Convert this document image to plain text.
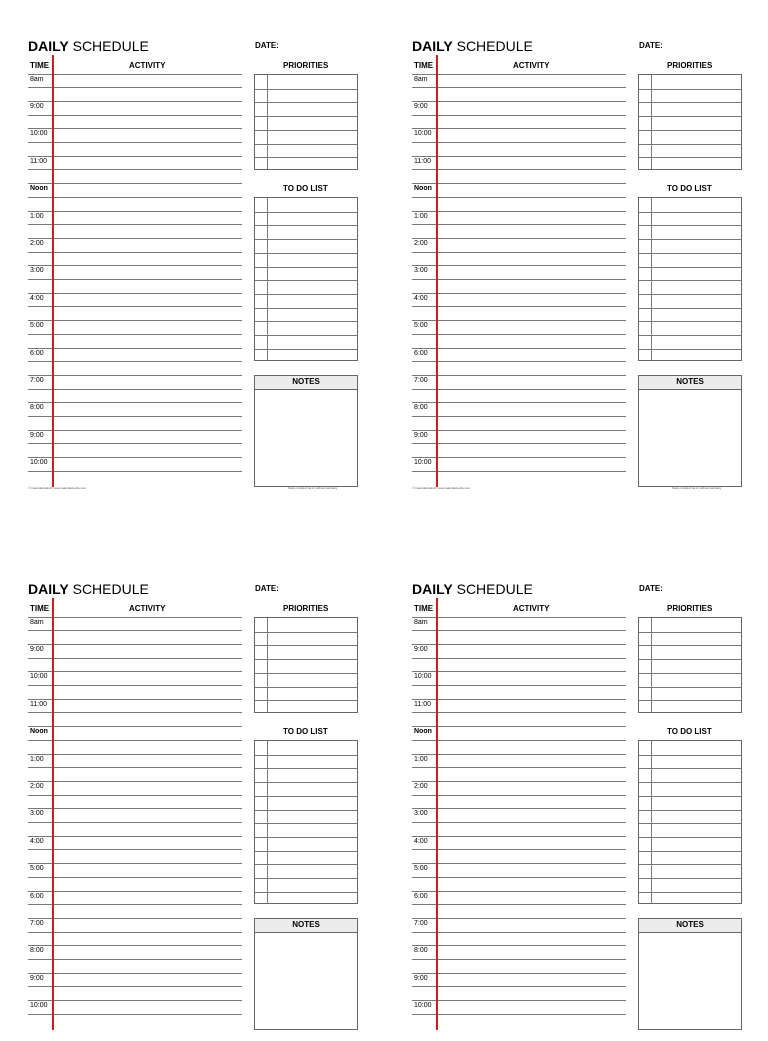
DAILY SCHEDULE	DATE:
TIME	ACTIVITY	PRIORITIES
TO DO LIST
8am
9:00
10:00
11:00
Noon
1:00
2:00
3:00
4:00
5:00
6:00
7:00
8:00
9:00
10:00
NOTES
© Calendarpedia® www.calendarpedia.com	Data provided 'as is' without warranty
DAILY SCHEDULE	DATE:
TIME	ACTIVITY	PRIORITIES
TO DO LIST
8am
9:00
10:00
11:00
Noon
1:00
2:00
3:00
4:00
5:00
6:00
7:00
8:00
9:00
10:00
NOTES
© Calendarpedia® www.calendarpedia.com	Data provided 'as is' without warranty
DAILY SCHEDULE	DATE:
TIME	ACTIVITY	PRIORITIES
TO DO LIST
8am
9:00
10:00
11:00
Noon
1:00
2:00
3:00
4:00
5:00
6:00
7:00
8:00
9:00
10:00
NOTES
DAILY SCHEDULE	DATE:
TIME	ACTIVITY	PRIORITIES
TO DO LIST
8am
9:00
10:00
11:00
Noon
1:00
2:00
3:00
4:00
5:00
6:00
7:00
8:00
9:00
10:00
NOTES
